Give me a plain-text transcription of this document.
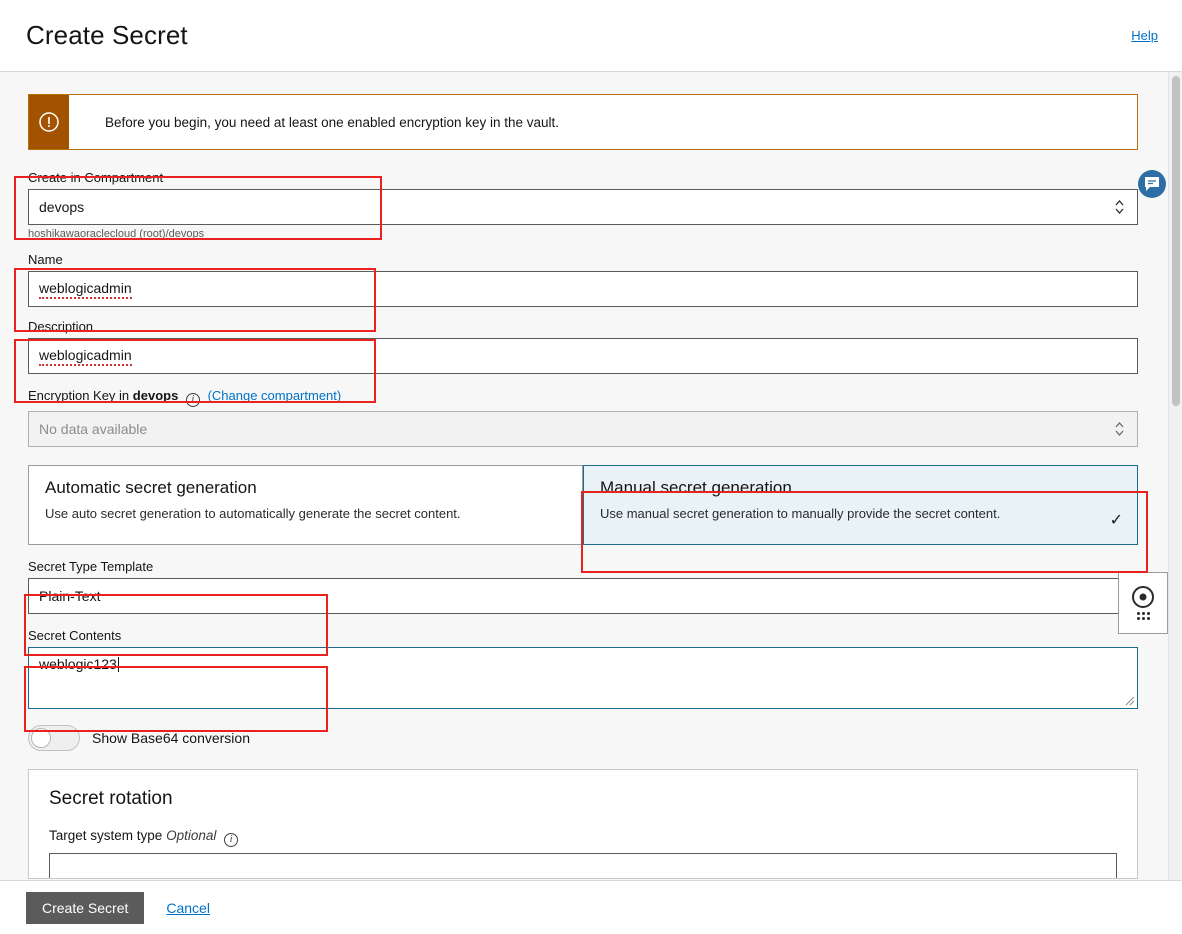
Create Secret	Help
Before you begin, you need at least one enabled encryption key in the vault.
Create in Compartment
devops
hoshikawaoraclecloud (root)/devops
Name
weblogicadmin
Description
weblogicadmin
Encryption Key in devops i (Change compartment)
No data available
Automatic secret generation
Use auto secret generation to automatically generate the secret content.
Manual secret generation
Use manual secret generation to manually provide the secret content.	✓
Secret Type Template
Plain-Text
Secret Contents
weblogic123
Show Base64 conversion
Secret rotation
Target system type Optional i
Create Secret	Cancel
